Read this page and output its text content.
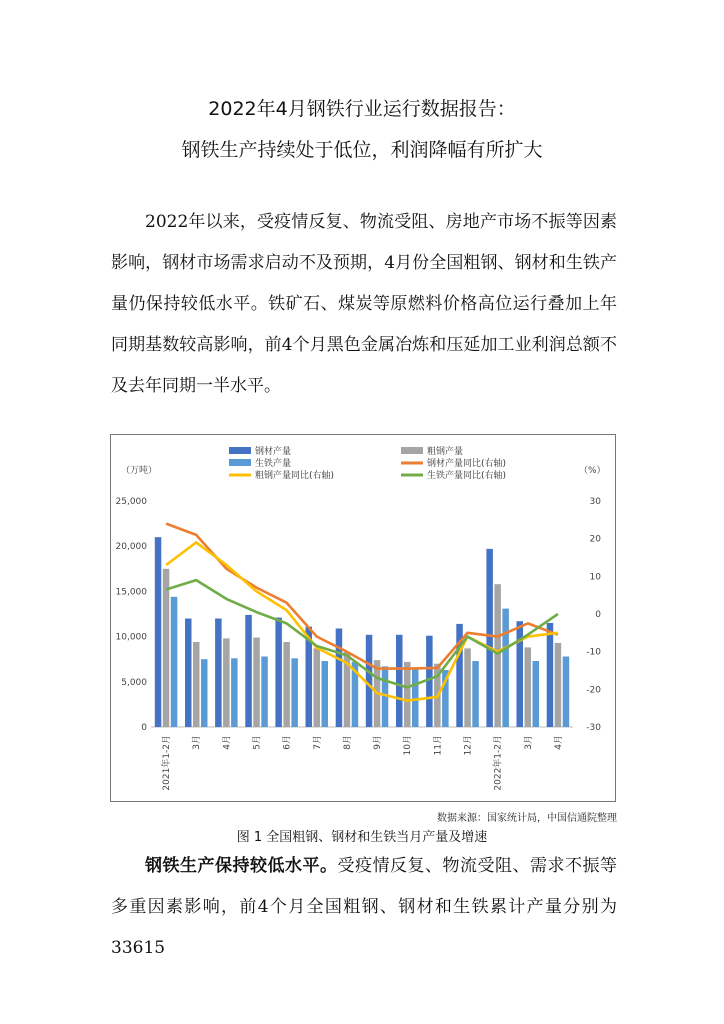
2022年4月钢铁行业运行数据报告：
钢铁生产持续处于低位，利润降幅有所扩大
2022年以来，受疫情反复、物流受阻、房地产市场不振等因素影响，钢材市场需求启动不及预期，4月份全国粗钢、钢材和生铁产量仍保持较低水平。铁矿石、煤炭等原燃料价格高位运行叠加上年同期基数较高影响，前4个月黑色金属冶炼和压延加工业利润总额不及去年同期一半水平。
钢材产量	粗钢产量
生铁产量	钢材产量同比(右轴)
粗钢产量同比(右轴)	生铁产量同比(右轴)
（万吨）	（%）
0
5,000
10,000
15,000
20,000
25,000
-30
-20
-10
0
10
20
30
2021年1-2月 3月 4月 5月 6月 7月 8月 9月 10月 11月 12月 2022年1-2月 3月 4月
数据来源：国家统计局，中国信通院整理
图 1 全国粗钢、钢材和生铁当月产量及增速
钢铁生产保持较低水平。受疫情反复、物流受阻、需求不振等多重因素影响，前4个月全国粗钢、钢材和生铁累计产量分别为33615
